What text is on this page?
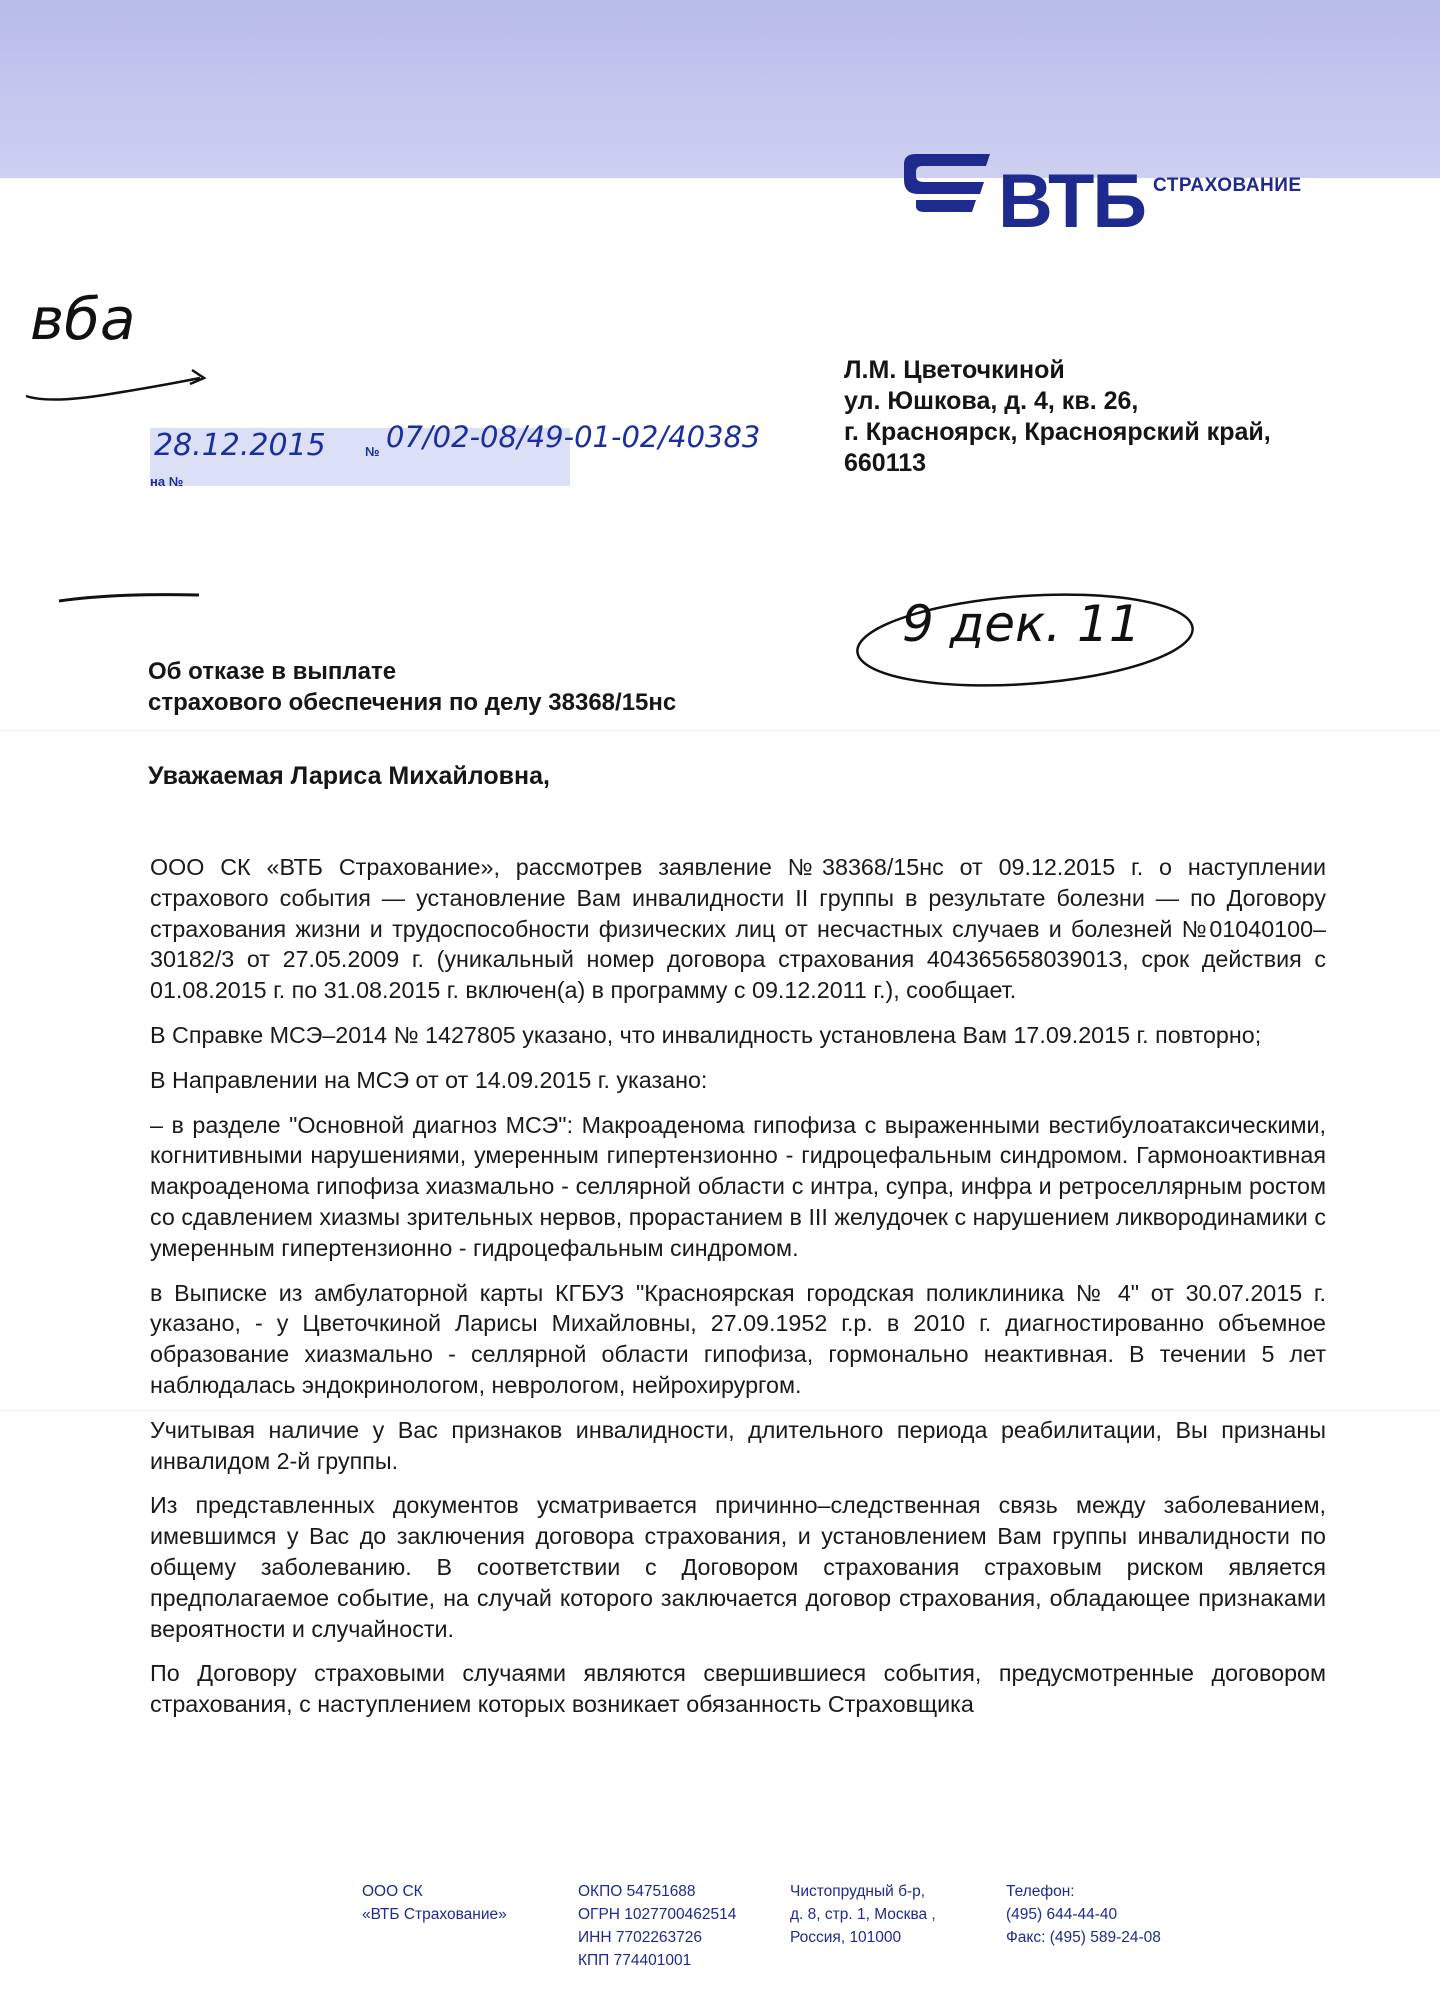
ВТБ СТРАХОВАНИЕ
вба
28.12.2015	№ 07/02-08/49-01-02/40383
на №
Л.М. Цветочкиной
ул. Юшкова, д. 4, кв. 26,
г. Красноярск, Красноярский край,
660113
9 дек. 11
Об отказе в выплате
страхового обеспечения по делу 38368/15нс
Уважаемая Лариса Михайловна,

ООО СК «ВТБ Страхование», рассмотрев заявление №38368/15нс от 09.12.2015 г. о наступлении страхового события — установление Вам инвалидности II группы в результате болезни — по Договору страхования жизни и трудоспособности физических лиц от несчастных случаев и болезней №01040100–30182/3 от 27.05.2009 г. (уникальный номер договора страхования 40436565803901З, срок действия с 01.08.2015 г. по 31.08.2015 г. включен(а) в программу с 09.12.2011 г.), сообщает.

В Справке МСЭ–2014 № 1427805 указано, что инвалидность установлена Вам 17.09.2015 г. повторно;

В Направлении на МСЭ от от 14.09.2015 г. указано:

– в разделе "Основной диагноз МСЭ": Макроаденома гипофиза с выраженными вестибулоатаксическими, когнитивными нарушениями, умеренным гипертензионно - гидроцефальным синдромом. Гармоноактивная макроаденома гипофиза хиазмально - селлярной области с интра, супра, инфра и ретроселлярным ростом со сдавлением хиазмы зрительных нервов, прорастанием в III желудочек с нарушением ликвородинамики с умеренным гипертензионно - гидроцефальным синдромом.

в Выписке из амбулаторной карты КГБУЗ "Красноярская городская поликлиника № 4" от 30.07.2015 г. указано, - у Цветочкиной Ларисы Михайловны, 27.09.1952 г.р. в 2010 г. диагностированно объемное образование хиазмально - селлярной области гипофиза, гормонально неактивная. В течении 5 лет наблюдалась эндокринологом, неврологом, нейрохирургом.

Учитывая наличие у Вас признаков инвалидности, длительного периода реабилитации, Вы признаны инвалидом 2-й группы.

Из представленных документов усматривается причинно–следственная связь между заболеванием, имевшимся у Вас до заключения договора страхования, и установлением Вам группы инвалидности по общему заболеванию. В соответствии с Договором страхования страховым риском является предполагаемое событие, на случай которого заключается договор страхования, обладающее признаками вероятности и случайности.

По Договору страховыми случаями являются свершившиеся события, предусмотренные договором страхования, с наступлением которых возникает обязанность Страховщика

ООО СК
«ВТБ Страхование»
ОКПО 54751688
ОГРН 1027700462514
ИНН 7702263726
КПП 774401001
Чистопрудный б-р,
д. 8, стр. 1, Москва ,
Россия, 101000
Телефон:
(495) 644-44-40
Факс: (495) 589-24-08
